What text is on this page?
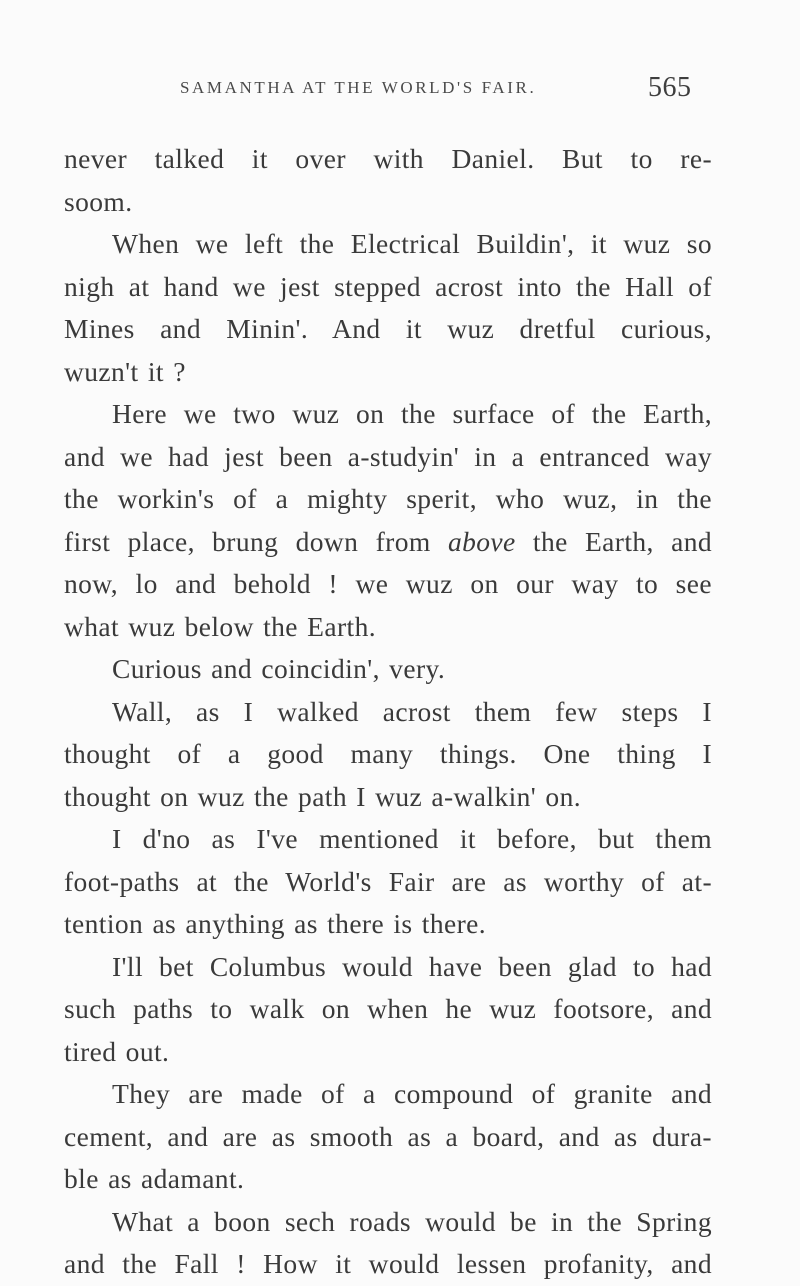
SAMANTHA AT THE WORLD'S FAIR.	565
never talked it over with Daniel. But to re-
soom.
When we left the Electrical Buildin', it wuz so
nigh at hand we jest stepped acrost into the Hall of
Mines and Minin'. And it wuz dretful curious,
wuzn't it ?
Here we two wuz on the surface of the Earth,
and we had jest been a-studyin' in a entranced way
the workin's of a mighty sperit, who wuz, in the
first place, brung down from above the Earth, and
now, lo and behold ! we wuz on our way to see
what wuz below the Earth.
Curious and coincidin', very.
Wall, as I walked acrost them few steps I
thought of a good many things. One thing I
thought on wuz the path I wuz a-walkin' on.
I d'no as I've mentioned it before, but them
foot-paths at the World's Fair are as worthy of at-
tention as anything as there is there.
I'll bet Columbus would have been glad to had
such paths to walk on when he wuz footsore, and
tired out.
They are made of a compound of granite and
cement, and are as smooth as a board, and as dura-
ble as adamant.
What a boon sech roads would be in the Spring
and the Fall ! How it would lessen profanity, and
